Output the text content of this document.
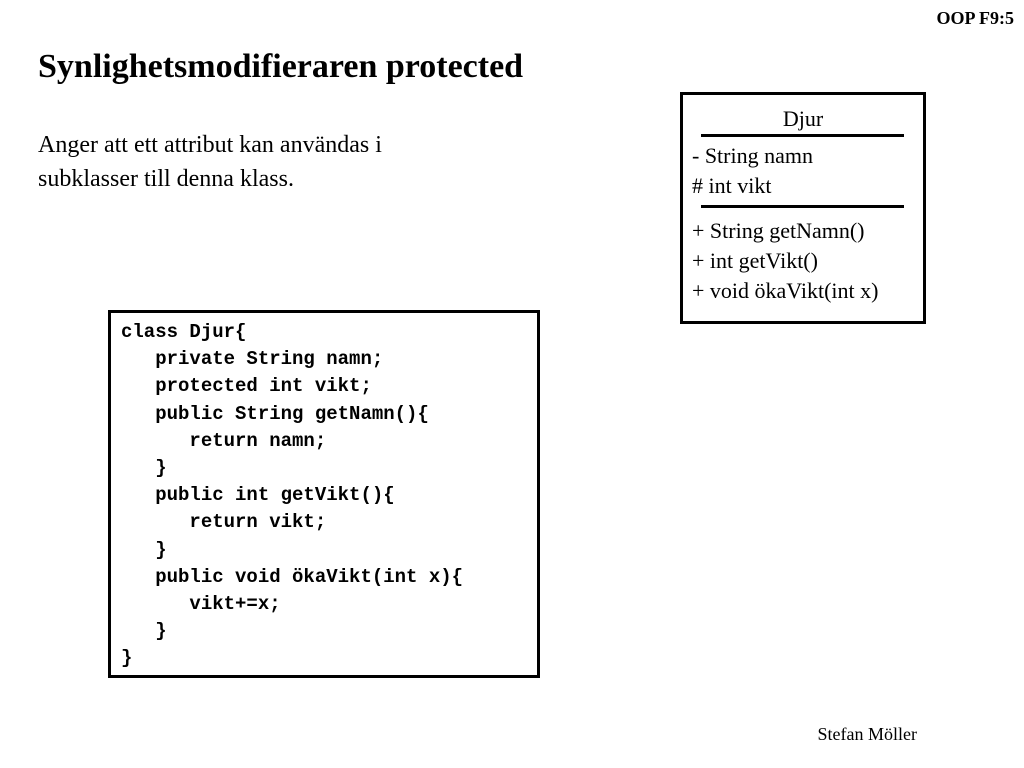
OOP F9:5
Synlighetsmodifieraren protected

Anger att ett attribut kan användas i subklasser till denna klass.

Djur
- String namn
# int vikt
+ String getNamn()
+ int getVikt()
+ void ökaVikt(int x)
class Djur{
private String namn;
protected int vikt;
public String getNamn(){
return namn;
}
public int getVikt(){
return vikt;
}
public void ökaVikt(int x){
vikt+=x;
}
}
Stefan Möller
